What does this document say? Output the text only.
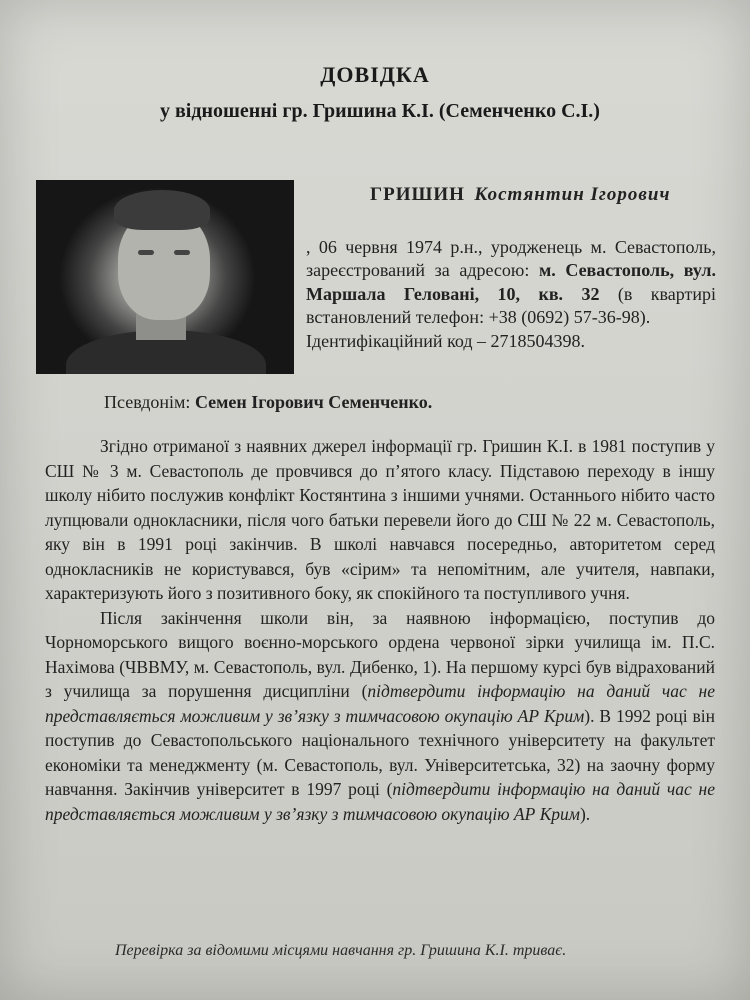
ДОВІДКА
у відношенні гр. Гришина К.І. (Семенченко С.І.)
ГРИШИН Костянтин Ігорович

, 06 червня 1974 р.н., уродженець м. Севастополь, зареєстрований за адресою: м. Севастополь, вул. Маршала Геловані, 10, кв. 32 (в квартирі встановлений телефон: +38 (0692) 57-36-98).
Ідентифікаційний код – 2718504398.
Псевдонім: Семен Ігорович Семенченко.

Згідно отриманої з наявних джерел інформації гр. Гришин К.І. в 1981 поступив у СШ № 3 м. Севастополь де провчився до п’ятого класу. Підставою переходу в іншу школу нібито послужив конфлікт Костянтина з іншими учнями. Останнього нібито часто лупцювали однокласники, після чого батьки перевели його до СШ № 22 м. Севастополь, яку він в 1991 році закінчив. В школі навчався посередньо, авторитетом серед однокласників не користувався, був «сірим» та непомітним, але учителя, навпаки, характеризують його з позитивного боку, як спокійного та поступливого учня.

Після закінчення школи він, за наявною інформацією, поступив до Чорноморського вищого воєнно-морського ордена червоної зірки училища ім. П.С. Нахімова (ЧВВМУ, м. Севастополь, вул. Дибенко, 1). На першому курсі був відрахований з училища за порушення дисципліни (підтвердити інформацію на даний час не представляється можливим у зв’язку з тимчасовою окупацію АР Крим). В 1992 році він поступив до Севастопольського національного технічного університету на факультет економіки та менеджменту (м. Севастополь, вул. Університетська, 32) на заочну форму навчання. Закінчив університет в 1997 році (підтвердити інформацію на даний час не представляється можливим у зв’язку з тимчасовою окупацію АР Крим).

Перевірка за відомими місцями навчання гр. Гришина К.І. триває.
